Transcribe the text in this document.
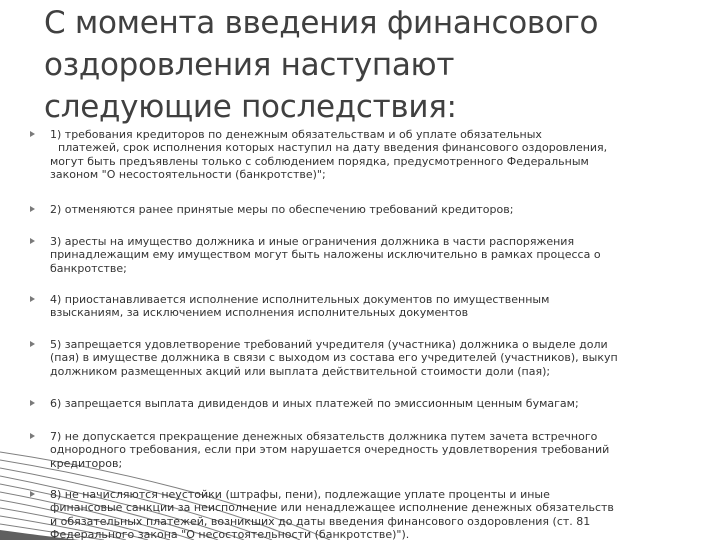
С момента введения финансового
оздоровления наступают
следующие последствия:
1) требования кредиторов по денежным обязательствам и об уплате обязательных
платежей, срок исполнения которых наступил на дату введения финансового оздоровления,
могут быть предъявлены только с соблюдением порядка, предусмотренного Федеральным
законом "О несостоятельности (банкротстве)";
2) отменяются ранее принятые меры по обеспечению требований кредиторов;
3) аресты на имущество должника и иные ограничения должника в части распоряжения
принадлежащим ему имуществом могут быть наложены исключительно в рамках процесса о
банкротстве;
4) приостанавливается исполнение исполнительных документов по имущественным
взысканиям, за исключением исполнения исполнительных документов
5) запрещается удовлетворение требований учредителя (участника) должника о выделе доли
(пая) в имуществе должника в связи с выходом из состава его учредителей (участников), выкуп
должником размещенных акций или выплата действительной стоимости доли (пая);
6) запрещается выплата дивидендов и иных платежей по эмиссионным ценным бумагам;
7) не допускается прекращение денежных обязательств должника путем зачета встречного
однородного требования, если при этом нарушается очередность удовлетворения требований
кредиторов;
8) не начисляются неустойки (штрафы, пени), подлежащие уплате проценты и иные
финансовые санкции за неисполнение или ненадлежащее исполнение денежных обязательств
и обязательных платежей, возникших до даты введения финансового оздоровления (ст. 81
Федерального закона "О несостоятельности (банкротстве)").
